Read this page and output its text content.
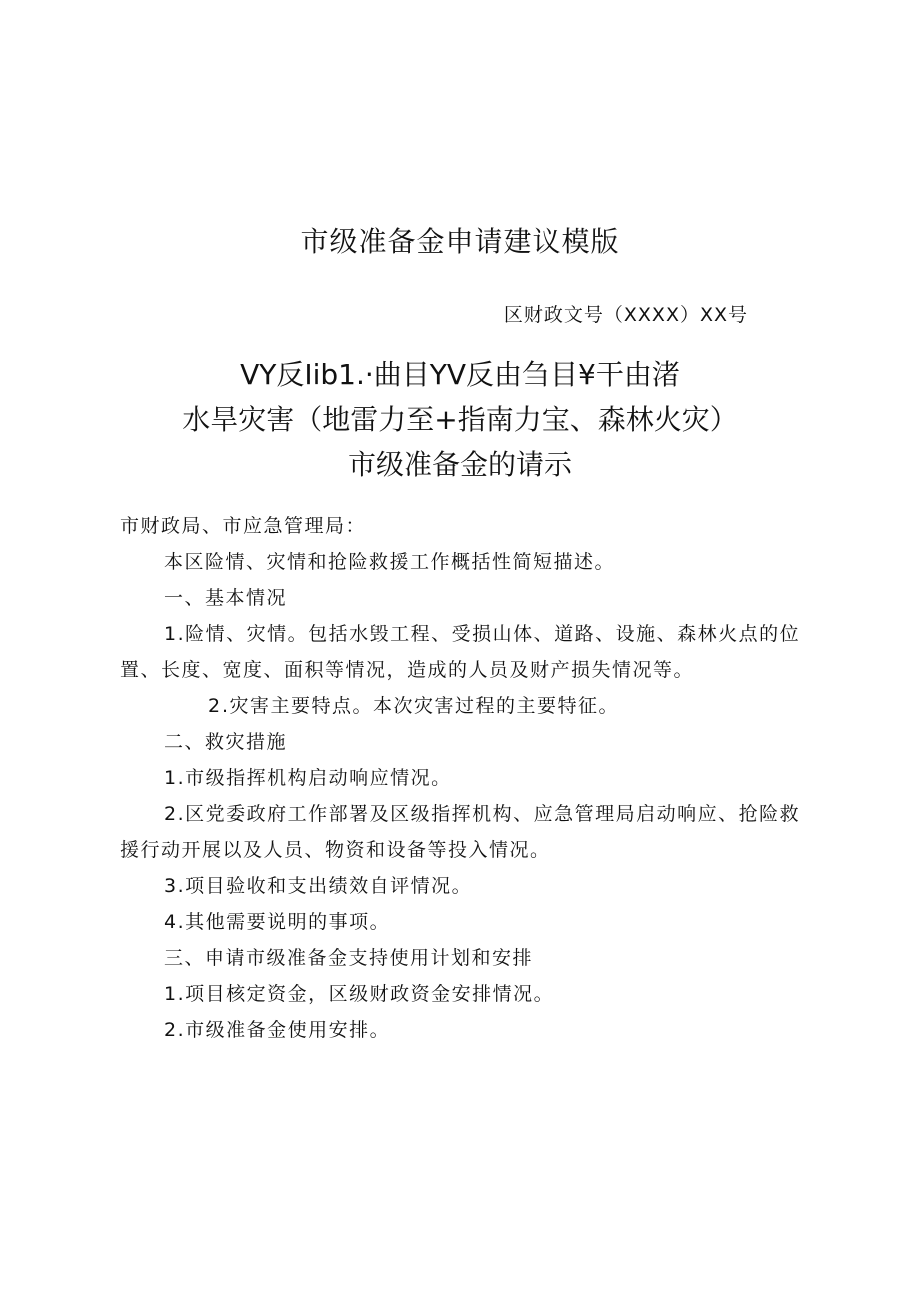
市级准备金申请建议模版
区财政文号（XXXX）XX号
VY反Iib1.·曲目YV反由刍目¥干由渚
水旱灾害（地雷力至+指南力宝、森林火灾）
市级准备金的请示

市财政局、市应急管理局：

本区险情、灾情和抢险救援工作概括性简短描述。

一、基本情况

1.险情、灾情。包括水毁工程、受损山体、道路、设施、森林火点的位置、长度、宽度、面积等情况，造成的人员及财产损失情况等。

2.灾害主要特点。本次灾害过程的主要特征。

二、救灾措施

1.市级指挥机构启动响应情况。

2.区党委政府工作部署及区级指挥机构、应急管理局启动响应、抢险救援行动开展以及人员、物资和设备等投入情况。

3.项目验收和支出绩效自评情况。

4.其他需要说明的事项。

三、申请市级准备金支持使用计划和安排

1.项目核定资金，区级财政资金安排情况。

2.市级准备金使用安排。
